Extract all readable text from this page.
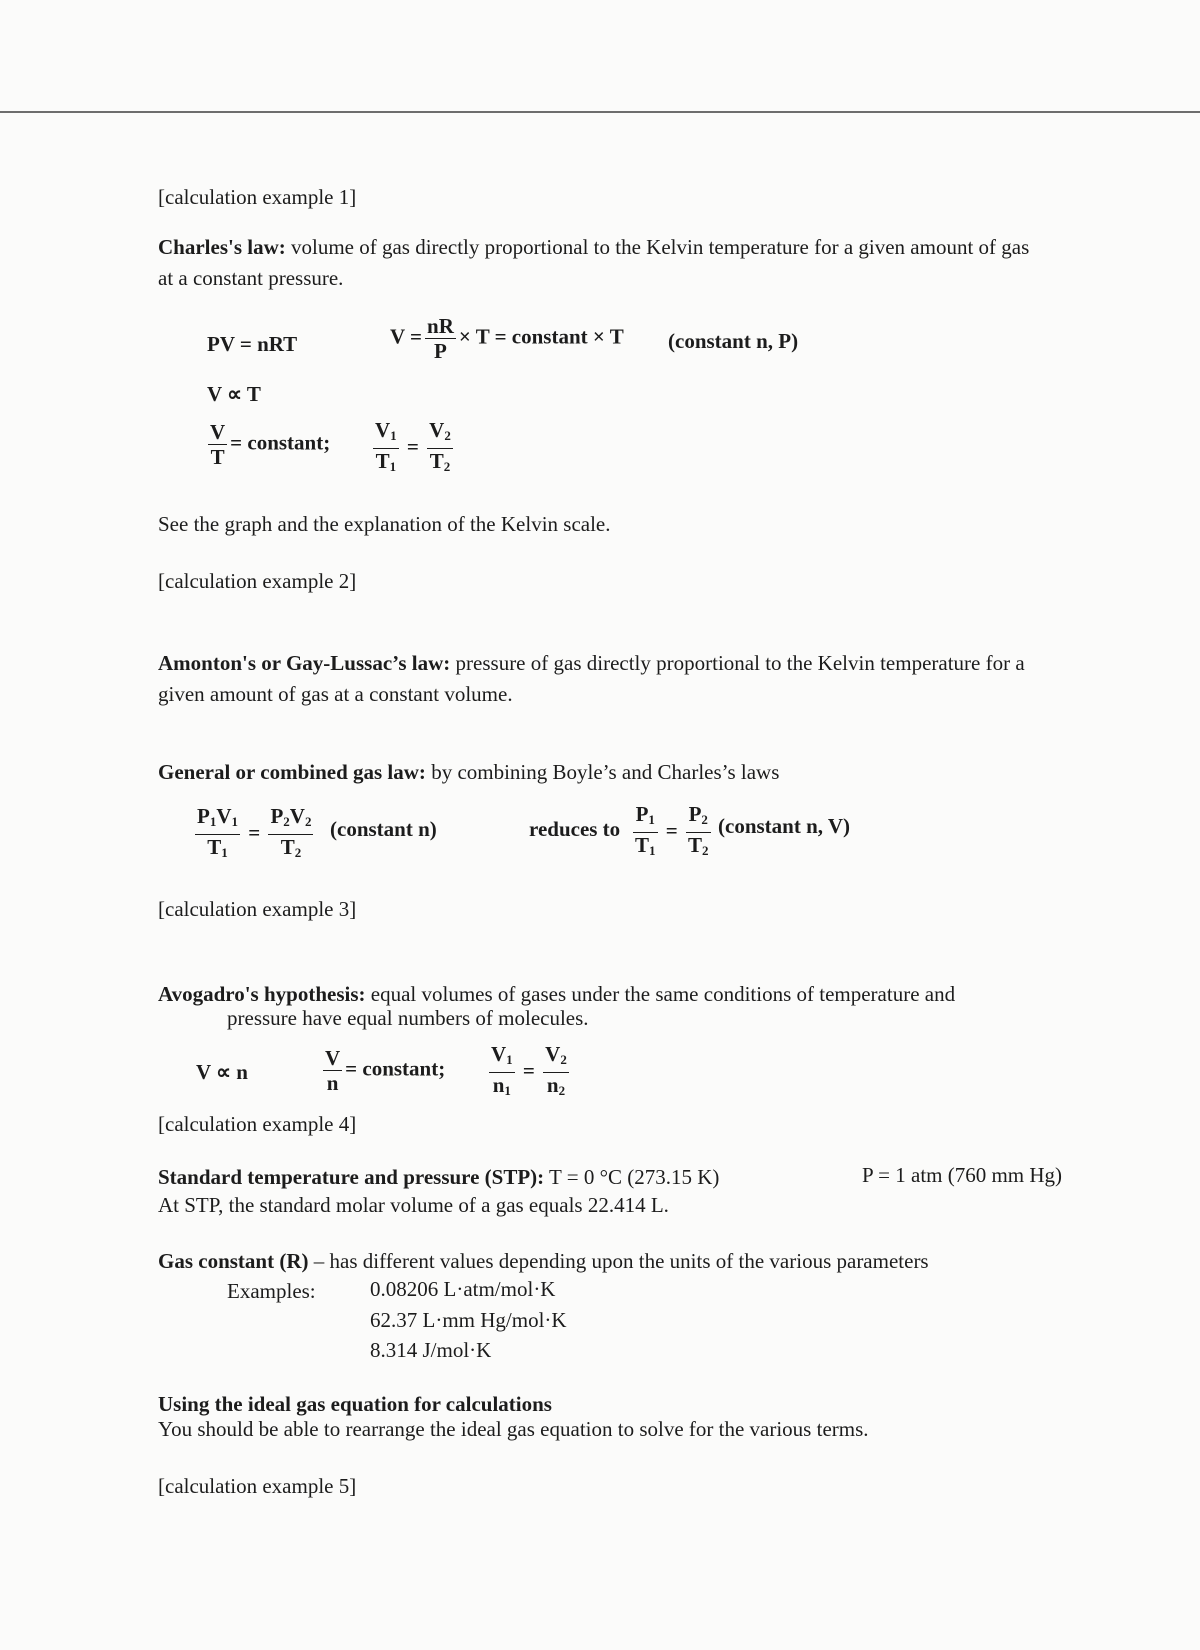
[calculation example 1]
Charles's law: volume of gas directly proportional to the Kelvin temperature for a given amount of gas
at a constant pressure.
PV = nRT	$V = \frac{nR}{P} \times T$ = constant × T (constant n, P)
V ∝ T
$\frac{V}{T}$ = constant; $\frac{V_1}{T_1} = \frac{V_2}{T_2}$
See the graph and the explanation of the Kelvin scale.
[calculation example 2]
Amonton's or Gay-Lussac’s law: pressure of gas directly proportional to the Kelvin temperature for a
given amount of gas at a constant volume.
General or combined gas law: by combining Boyle’s and Charles’s laws
$\frac{P_1V_1}{T_1} = \frac{P_2V_2}{T_2}$ (constant n)	reduces to $\frac{P_1}{T_1} = \frac{P_2}{T_2}$ (constant n, V)
[calculation example 3]
Avogadro's hypothesis: equal volumes of gases under the same conditions of temperature and
pressure have equal numbers of molecules.
V ∝ n	$\frac{V}{n}$ = constant; $\frac{V_1}{n_1} = \frac{V_2}{n_2}$
[calculation example 4]
Standard temperature and pressure (STP): T = 0 °C (273.15 K)	P = 1 atm (760 mm Hg)
At STP, the standard molar volume of a gas equals 22.414 L.
Gas constant (R) – has different values depending upon the units of the various parameters
Examples:	0.08206 L·atm/mol·K
62.37 L·mm Hg/mol·K
8.314 J/mol·K
Using the ideal gas equation for calculations
You should be able to rearrange the ideal gas equation to solve for the various terms.
[calculation example 5]
